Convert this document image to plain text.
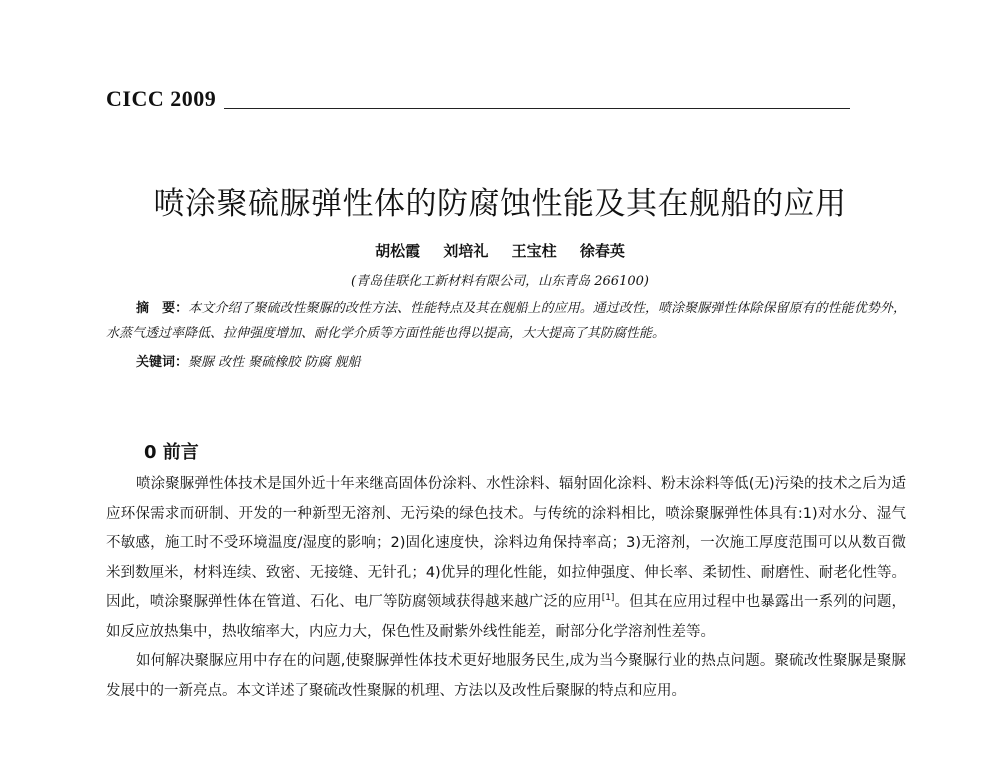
CICC 2009
喷涂聚硫脲弹性体的防腐蚀性能及其在舰船的应用
胡松霞 刘培礼 王宝柱 徐春英
(青岛佳联化工新材料有限公司，山东青岛 266100)
摘　要：本文介绍了聚硫改性聚脲的改性方法、性能特点及其在舰船上的应用。通过改性，喷涂聚脲弹性体除保留原有的性能优势外，水蒸气透过率降低、拉伸强度增加、耐化学介质等方面性能也得以提高，大大提高了其防腐性能。
关键词：聚脲 改性 聚硫橡胶 防腐 舰船
0 前言

喷涂聚脲弹性体技术是国外近十年来继高固体份涂料、水性涂料、辐射固化涂料、粉末涂料等低(无)污染的技术之后为适应环保需求而研制、开发的一种新型无溶剂、无污染的绿色技术。与传统的涂料相比，喷涂聚脲弹性体具有:1)对水分、湿气不敏感，施工时不受环境温度/湿度的影响；2)固化速度快，涂料边角保持率高；3)无溶剂，一次施工厚度范围可以从数百微米到数厘米，材料连续、致密、无接缝、无针孔；4)优异的理化性能，如拉伸强度、伸长率、柔韧性、耐磨性、耐老化性等。因此，喷涂聚脲弹性体在管道、石化、电厂等防腐领域获得越来越广泛的应用[1]。但其在应用过程中也暴露出一系列的问题，如反应放热集中，热收缩率大，内应力大，保色性及耐紫外线性能差，耐部分化学溶剂性差等。

如何解决聚脲应用中存在的问题,使聚脲弹性体技术更好地服务民生,成为当今聚脲行业的热点问题。聚硫改性聚脲是聚脲发展中的一新亮点。本文详述了聚硫改性聚脲的机理、方法以及改性后聚脲的特点和应用。
